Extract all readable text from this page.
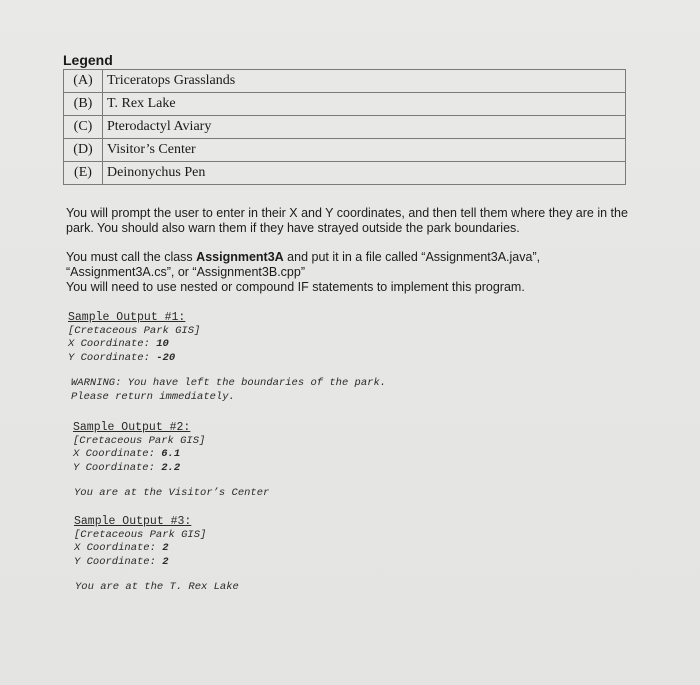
Legend
(A)	Triceratops Grasslands
(B)	T. Rex Lake
(C)	Pterodactyl Aviary
(D)	Visitor’s Center
(E)	Deinonychus Pen
You will prompt the user to enter in their X and Y coordinates, and then tell them where they are in the park. You should also warn them if they have strayed outside the park boundaries.
You must call the class Assignment3A and put it in a file called “Assignment3A.java”, “Assignment3A.cs”, or “Assignment3B.cpp”
You will need to use nested or compound IF statements to implement this program.
Sample Output #1:
[Cretaceous Park GIS]
X Coordinate: 10
Y Coordinate: -20
WARNING: You have left the boundaries of the park.
Please return immediately.
Sample Output #2:
[Cretaceous Park GIS]
X Coordinate: 6.1
Y Coordinate: 2.2
You are at the Visitor’s Center
Sample Output #3:
[Cretaceous Park GIS]
X Coordinate: 2
Y Coordinate: 2
You are at the T. Rex Lake
